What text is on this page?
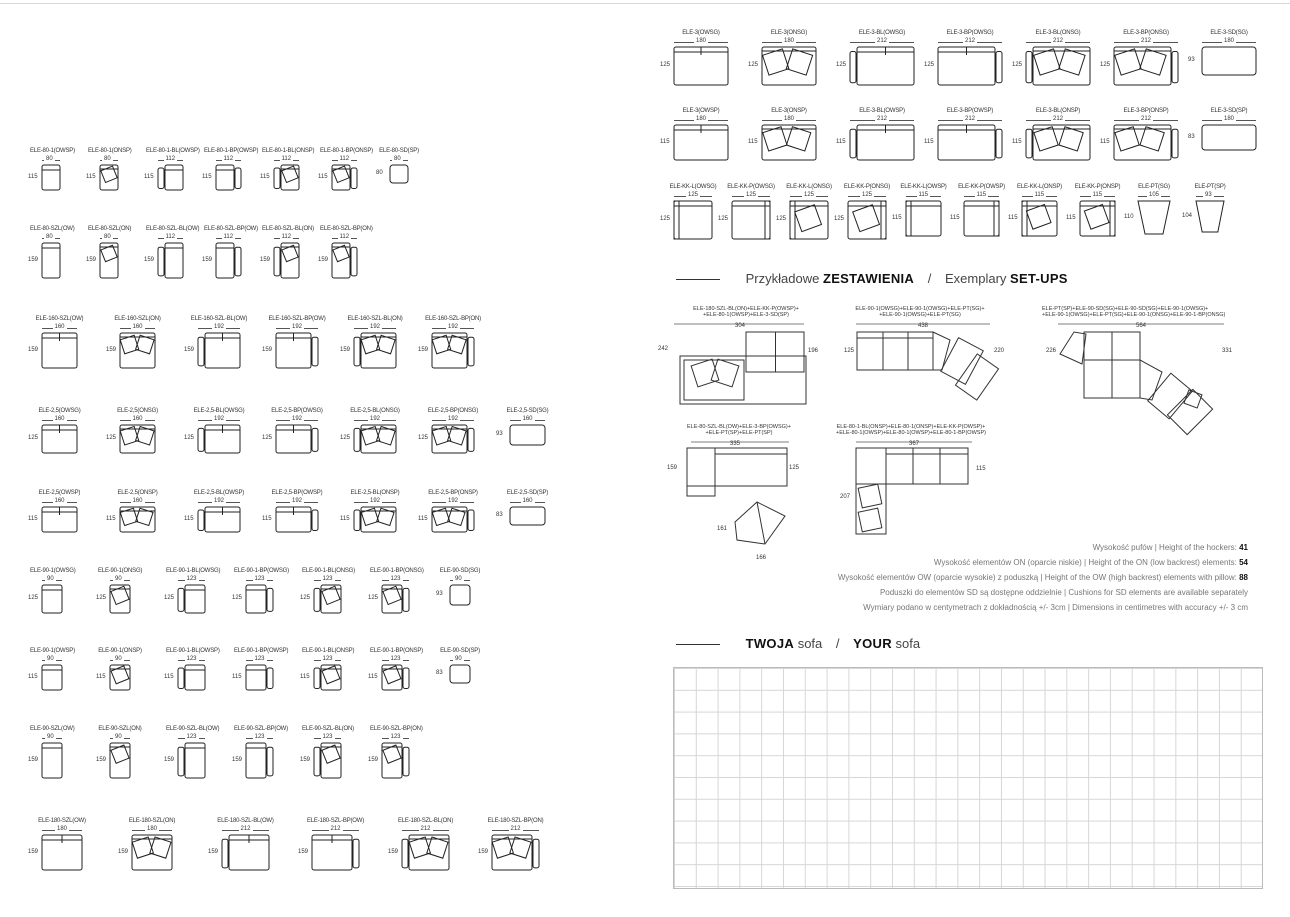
ELE-80-1(OWSP)
80
115
ELE-80-1(ONSP)
80
115
ELE-80-1-BL(OWSP)
112
115
ELE-80-1-BP(OWSP)
112
115
ELE-80-1-BL(ONSP)
112
115
ELE-80-1-BP(ONSP)
112
115
ELE-80-SD(SP)
80
80
ELE-80-SZL(OW)
80
159
ELE-80-SZL(ON)
80
159
ELE-80-SZL-BL(OW)
112
159
ELE-80-SZL-BP(OW)
112
159
ELE-80-SZL-BL(ON)
112
159
ELE-80-SZL-BP(ON)
112
159
ELE-160-SZL(OW)
160
159
ELE-160-SZL(ON)
160
159
ELE-160-SZL-BL(OW)
192
159
ELE-160-SZL-BP(OW)
192
159
ELE-160-SZL-BL(ON)
192
159
ELE-160-SZL-BP(ON)
192
159
ELE-2,5(OWSG)
160
125
ELE-2,5(ONSG)
160
125
ELE-2,5-BL(OWSG)
192
125
ELE-2,5-BP(OWSG)
192
125
ELE-2,5-BL(ONSG)
192
125
ELE-2,5-BP(ONSG)
192
125
ELE-2,5-SD(SG)
160
93
ELE-2,5(OWSP)
160
115
ELE-2,5(ONSP)
160
115
ELE-2,5-BL(OWSP)
192
115
ELE-2,5-BP(OWSP)
192
115
ELE-2,5-BL(ONSP)
192
115
ELE-2,5-BP(ONSP)
192
115
ELE-2,5-SD(SP)
160
83
ELE-90-1(OWSG)
90
125
ELE-90-1(ONSG)
90
125
ELE-90-1-BL(OWSG)
123
125
ELE-90-1-BP(OWSG)
123
125
ELE-90-1-BL(ONSG)
123
125
ELE-90-1-BP(ONSG)
123
125
ELE-90-SD(SG)
90
93
ELE-90-1(OWSP)
90
115
ELE-90-1(ONSP)
90
115
ELE-90-1-BL(OWSP)
123
115
ELE-90-1-BP(OWSP)
123
115
ELE-90-1-BL(ONSP)
123
115
ELE-90-1-BP(ONSP)
123
115
ELE-90-SD(SP)
90
83
ELE-90-SZL(OW)
90
159
ELE-90-SZL(ON)
90
159
ELE-90-SZL-BL(OW)
123
159
ELE-90-SZL-BP(OW)
123
159
ELE-90-SZL-BL(ON)
123
159
ELE-90-SZL-BP(ON)
123
159
ELE-180-SZL(OW)
180
159
ELE-180-SZL(ON)
180
159
ELE-180-SZL-BL(OW)
212
159
ELE-180-SZL-BP(OW)
212
159
ELE-180-SZL-BL(ON)
212
159
ELE-180-SZL-BP(ON)
212
159
ELE-3(OWSG)
180
125
ELE-3(ONSG)
180
125
ELE-3-BL(OWSG)
212
125
ELE-3-BP(OWSG)
212
125
ELE-3-BL(ONSG)
212
125
ELE-3-BP(ONSG)
212
125
ELE-3-SD(SG)
180
93
ELE-3(OWSP)
180
115
ELE-3(ONSP)
180
115
ELE-3-BL(OWSP)
212
115
ELE-3-BP(OWSP)
212
115
ELE-3-BL(ONSP)
212
115
ELE-3-BP(ONSP)
212
115
ELE-3-SD(SP)
180
83
ELE-KK-L(OWSG)
125
125
ELE-KK-P(OWSG)
125
125
ELE-KK-L(ONSG)
125
125
ELE-KK-P(ONSG)
125
125
ELE-KK-L(OWSP)
115
115
ELE-KK-P(OWSP)
115
115
ELE-KK-L(ONSP)
115
115
ELE-KK-P(ONSP)
115
115
ELE-PT(SG)
105
110
ELE-PT(SP)
93
104
Przykładowe ZESTAWIENIA / Exemplary SET-UPS
ELE-180-SZL-BL(ON)+ELE-KK-P(OWSP)+
+ELE-80-1(OWSP)+ELE-3-SD(SP)
304
242	196
ELE-90-1(OWSG)+ELE-90-1(OWSG)+ELE-PT(SG)+
+ELE-90-1(OWSG)+ELE-PT(SG)
438
125	220
ELE-PT(SP)+ELE-90-SD(SG)+ELE-90-SD(SG)+ELE-90-1(OWSG)+
+ELE-90-1(OWSG)+ELE-PT(SG)+ELE-90-1(ONSG)+ELE-90-1-BP(ONSG)
564
226	331
ELE-80-SZL-BL(OW)+ELE-3-BP(OWSG)+
+ELE-PT(SP)+ELE-PT(SP)
335
159	125
161
166
ELE-80-1-BL(ONSP)+ELE-80-1(ONSP)+ELE-KK-P(OWSP)+
+ELE-80-1(OWSP)+ELE-80-1(OWSP)+ELE-80-1-BP(OWSP)
367
207
115
Wysokość pufów | Height of the hockers: 41
Wysokość elementów ON (oparcie niskie) | Height of the ON (low backrest) elements: 54
Wysokość elementów OW (oparcie wysokie) z poduszką | Height of the OW (high backrest) elements with pillow: 88
Poduszki do elementów SD są dostępne oddzielnie | Cushions for SD elements are available separately
Wymiary podano w centymetrach z dokładnością +/- 3cm | Dimensions in centimetres with accuracy +/- 3 cm
TWOJA sofa / YOUR sofa
